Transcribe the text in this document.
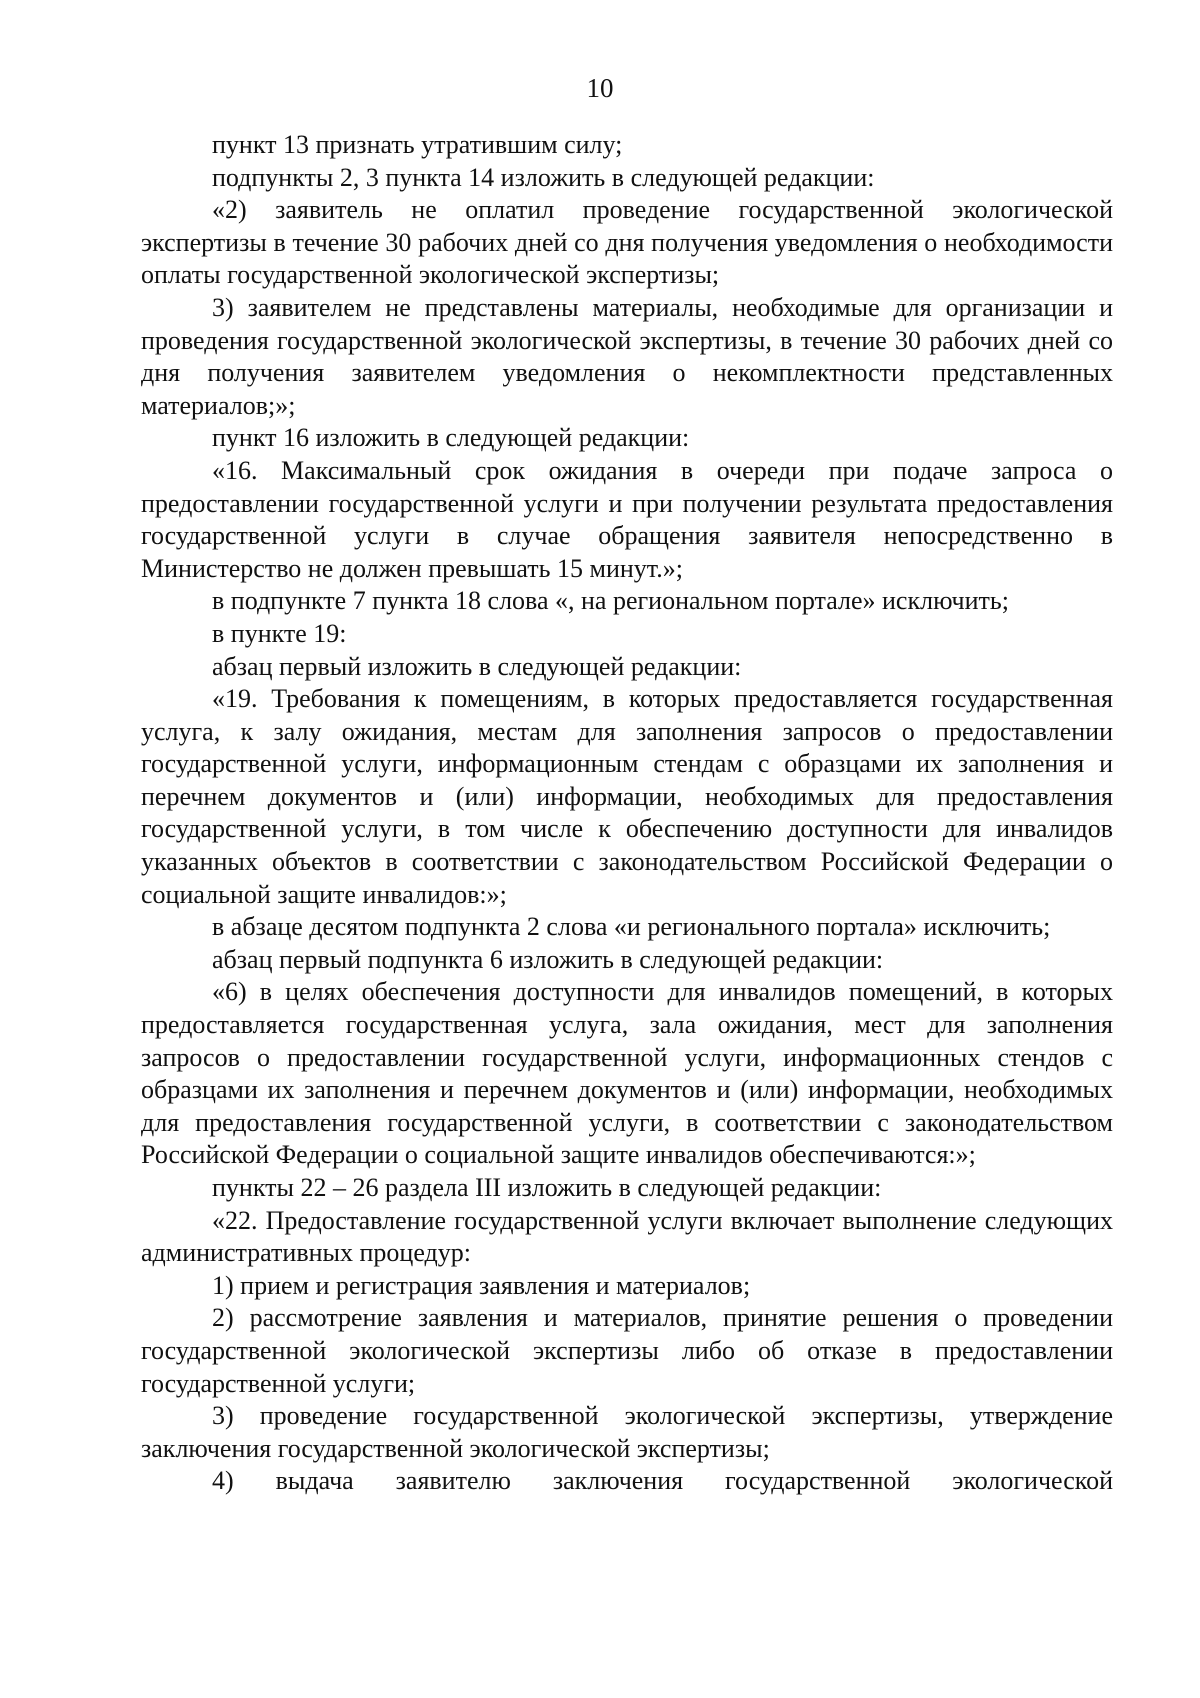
10

пункт 13 признать утратившим силу;

подпункты 2, 3 пункта 14 изложить в следующей редакции:

«2) заявитель не оплатил проведение государственной экологической экспертизы в течение 30 рабочих дней со дня получения уведомления о необходимости оплаты государственной экологической экспертизы;

3) заявителем не представлены материалы, необходимые для организации и проведения государственной экологической экспертизы, в течение 30 рабочих дней со дня получения заявителем уведомления о некомплектности представленных материалов;»;

пункт 16 изложить в следующей редакции:

«16. Максимальный срок ожидания в очереди при подаче запроса о предоставлении государственной услуги и при получении результата предоставления государственной услуги в случае обращения заявителя непосредственно в Министерство не должен превышать 15 минут.»;

в подпункте 7 пункта 18 слова «, на региональном портале» исключить;

в пункте 19:

абзац первый изложить в следующей редакции:

«19. Требования к помещениям, в которых предоставляется государственная услуга, к залу ожидания, местам для заполнения запросов о предоставлении государственной услуги, информационным стендам с образцами их заполнения и перечнем документов и (или) информации, необходимых для предоставления государственной услуги, в том числе к обеспечению доступности для инвалидов указанных объектов в соответствии с законодательством Российской Федерации о социальной защите инвалидов:»;

в абзаце десятом подпункта 2 слова «и регионального портала» исключить;

абзац первый подпункта 6 изложить в следующей редакции:

«6) в целях обеспечения доступности для инвалидов помещений, в которых предоставляется государственная услуга, зала ожидания, мест для заполнения запросов о предоставлении государственной услуги, информационных стендов с образцами их заполнения и перечнем документов и (или) информации, необходимых для предоставления государственной услуги, в соответствии с законодательством Российской Федерации о социальной защите инвалидов обеспечиваются:»;

пункты 22 – 26 раздела III изложить в следующей редакции:

«22. Предоставление государственной услуги включает выполнение следующих административных процедур:

1) прием и регистрация заявления и материалов;

2) рассмотрение заявления и материалов, принятие решения о проведении государственной экологической экспертизы либо об отказе в предоставлении государственной услуги;

3) проведение государственной экологической экспертизы, утверждение заключения государственной экологической экспертизы;

4) выдача заявителю заключения государственной экологической
